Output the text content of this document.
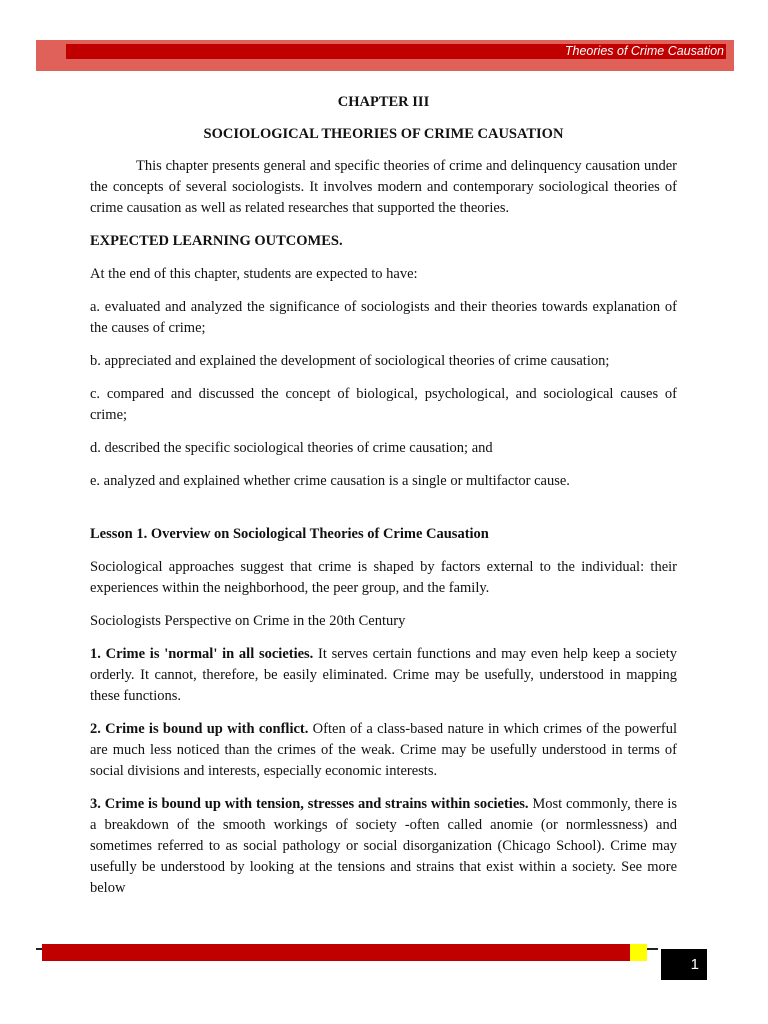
Theories of Crime Causation
CHAPTER III
SOCIOLOGICAL THEORIES OF CRIME CAUSATION

This chapter presents general and specific theories of crime and delinquency causation under the concepts of several sociologists. It involves modern and contemporary sociological theories of crime causation as well as related researches that supported the theories.

EXPECTED LEARNING OUTCOMES.

At the end of this chapter, students are expected to have:

a. evaluated and analyzed the significance of sociologists and their theories towards explanation of the causes of crime;

b. appreciated and explained the development of sociological theories of crime causation;

c. compared and discussed the concept of biological, psychological, and sociological causes of crime;

d. described the specific sociological theories of crime causation; and

e. analyzed and explained whether crime causation is a single or multifactor cause.

Lesson 1. Overview on Sociological Theories of Crime Causation

Sociological approaches suggest that crime is shaped by factors external to the individual: their experiences within the neighborhood, the peer group, and the family.

Sociologists Perspective on Crime in the 20th Century

1. Crime is 'normal' in all societies. It serves certain functions and may even help keep a society orderly. It cannot, therefore, be easily eliminated. Crime may be usefully, understood in mapping these functions.

2. Crime is bound up with conflict. Often of a class-based nature in which crimes of the powerful are much less noticed than the crimes of the weak. Crime may be usefully understood in terms of social divisions and interests, especially economic interests.

3. Crime is bound up with tension, stresses and strains within societies. Most commonly, there is a breakdown of the smooth workings of society -often called anomie (or normlessness) and sometimes referred to as social pathology or social disorganization (Chicago School). Crime may usefully be understood by looking at the tensions and strains that exist within a society. See more below

1
